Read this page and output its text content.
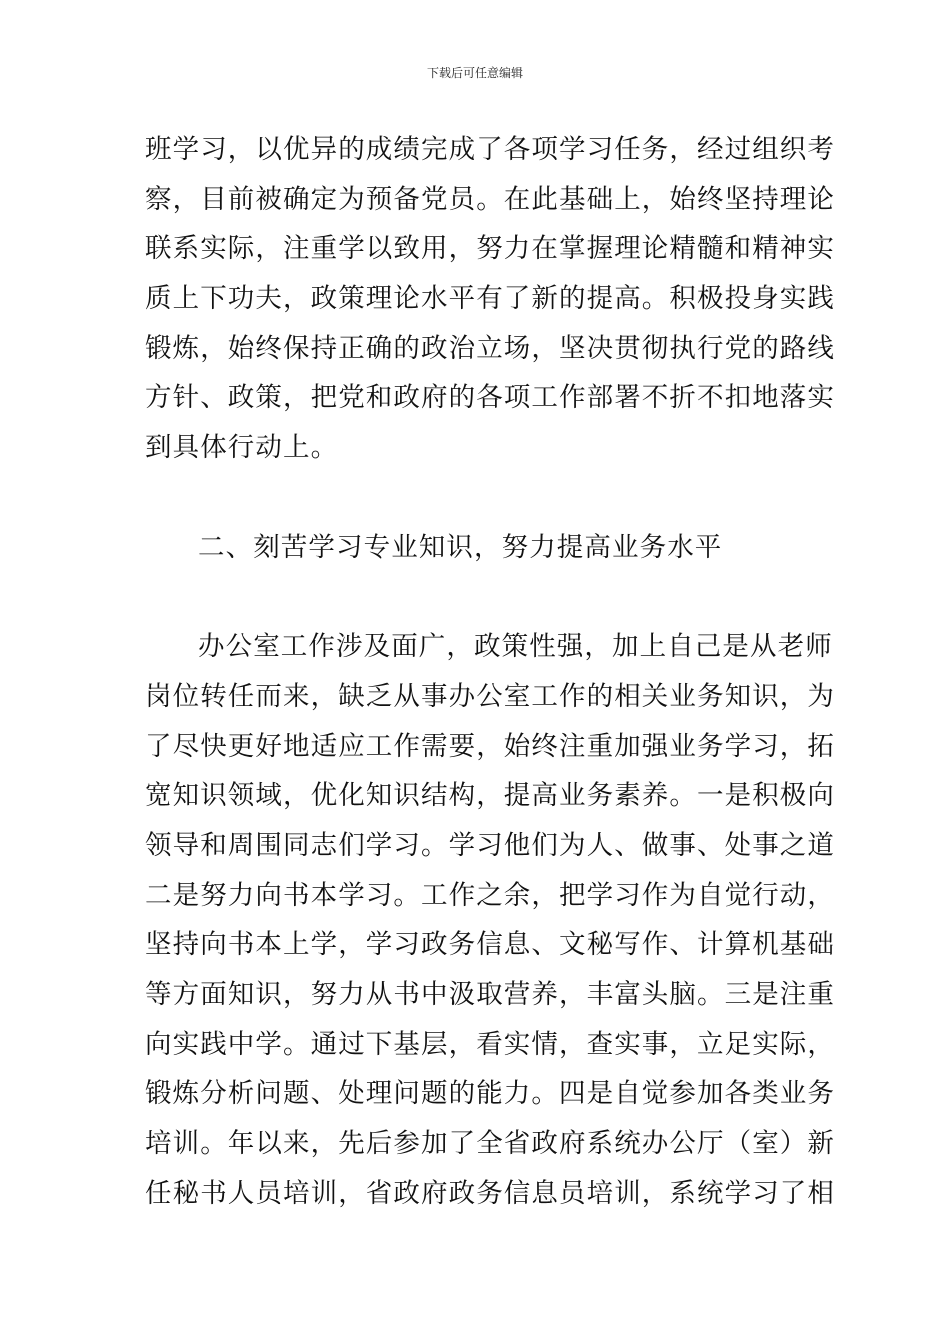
下载后可任意编辑
班学习，以优异的成绩完成了各项学习任务，经过组织考
察，目前被确定为预备党员。在此基础上，始终坚持理论
联系实际，注重学以致用，努力在掌握理论精髓和精神实
质上下功夫，政策理论水平有了新的提高。积极投身实践
锻炼，始终保持正确的政治立场，坚决贯彻执行党的路线
方针、政策，把党和政府的各项工作部署不折不扣地落实
到具体行动上。
二、刻苦学习专业知识，努力提高业务水平
办公室工作涉及面广，政策性强，加上自己是从老师
岗位转任而来，缺乏从事办公室工作的相关业务知识，为
了尽快更好地适应工作需要，始终注重加强业务学习，拓
宽知识领域，优化知识结构，提高业务素养。一是积极向
领导和周围同志们学习。学习他们为人、做事、处事之道
二是努力向书本学习。工作之余，把学习作为自觉行动，
坚持向书本上学，学习政务信息、文秘写作、计算机基础
等方面知识，努力从书中汲取营养，丰富头脑。三是注重
向实践中学。通过下基层，看实情，查实事，立足实际，
锻炼分析问题、处理问题的能力。四是自觉参加各类业务
培训。年以来，先后参加了全省政府系统办公厅（室）新
任秘书人员培训，省政府政务信息员培训，系统学习了相
